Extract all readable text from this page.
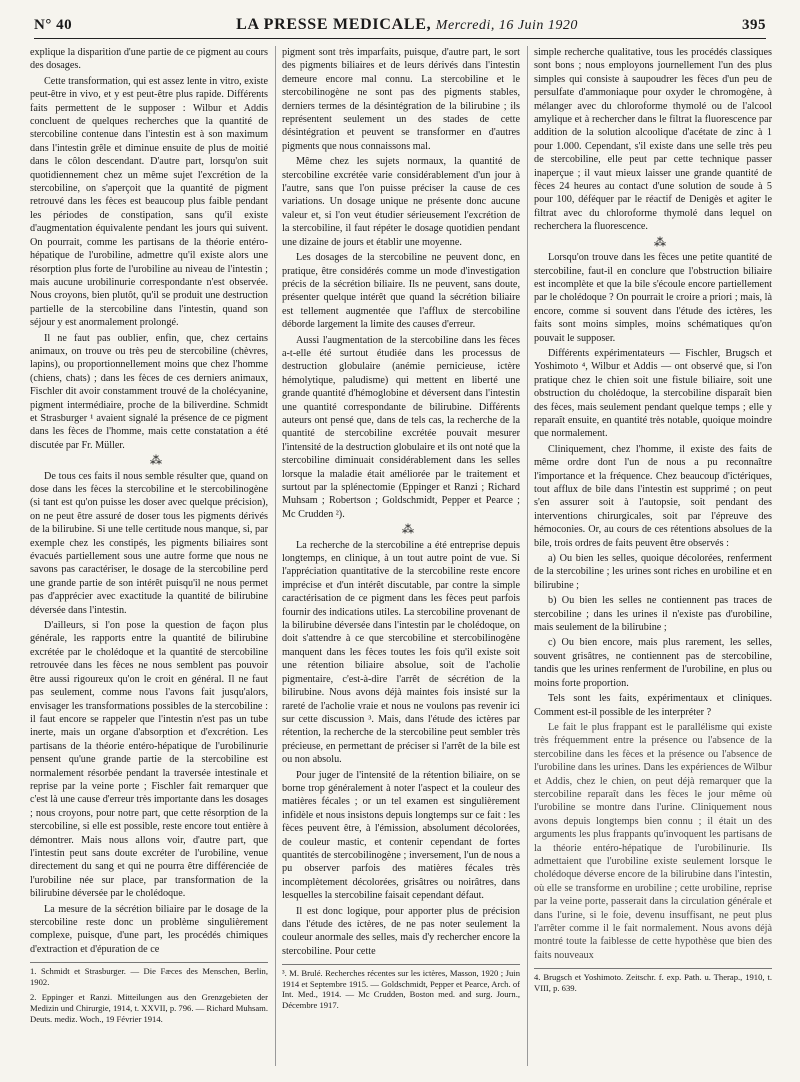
N° 40	LA PRESSE MEDICALE, Mercredi, 16 Juin 1920	395

explique la disparition d'une partie de ce pigment au cours des dosages.

Cette transformation, qui est assez lente in vitro, existe peut-être in vivo, et y est peut-être plus rapide. Différents faits permettent de le supposer : Wilbur et Addis concluent de quelques recherches que la quantité de stercobiline contenue dans l'intestin est à son maximum dans l'intestin grêle et diminue ensuite de plus de moitié dans le côlon descendant. D'autre part, lorsqu'on suit quotidiennement chez un même sujet l'excrétion de la stercobiline, on s'aperçoit que la quantité de pigment retrouvé dans les fèces est beaucoup plus faible pendant les périodes de constipation, sans qu'il existe d'augmentation équivalente pendant les jours qui suivent. On pourrait, comme les partisans de la théorie entéro-hépatique de l'urobiline, admettre qu'il existe alors une résorption plus forte de l'urobiline au niveau de l'intestin ; mais aucune urobilinurie correspondante n'est observée. Nous croyons, bien plutôt, qu'il se produit une destruction partielle de la stercobiline dans l'intestin, quand son séjour y est anormalement prolongé.

Il ne faut pas oublier, enfin, que, chez certains animaux, on trouve ou très peu de stercobiline (chèvres, lapins), ou proportionnellement moins que chez l'homme (chiens, chats) ; dans les fèces de ces derniers animaux, Fischler dit avoir constamment trouvé de la cholécyanine, pigment intermédiaire, proche de la biliverdine. Schmidt et Strasburger ¹ avaient signalé la présence de ce pigment dans les fèces de l'homme, mais cette constatation a été discutée par Fr. Müller.

⁂

De tous ces faits il nous semble résulter que, quand on dose dans les fèces la stercobiline et le stercobilinogène (si tant est qu'on puisse les doser avec quelque précision), on ne peut être assuré de doser tous les pigments dérivés de la bilirubine. Si une telle certitude nous manque, si, par exemple chez les constipés, les pigments biliaires sont évacués partiellement sous une autre forme que nous ne savons pas caractériser, le dosage de la stercobiline perd une grande partie de son intérêt puisqu'il ne nous permet pas d'apprécier avec exactitude la quantité de bilirubine déversée dans l'intestin.

D'ailleurs, si l'on pose la question de façon plus générale, les rapports entre la quantité de bilirubine excrétée par le cholédoque et la quantité de stercobiline retrouvée dans les fèces ne nous semblent pas pouvoir être aussi rigoureux qu'on le croit en général. Il ne faut pas seulement, comme nous l'avons fait jusqu'alors, envisager les transformations possibles de la stercobiline : il faut encore se rappeler que l'intestin n'est pas un tube inerte, mais un organe d'absorption et d'excrétion. Les partisans de la théorie entéro-hépatique de l'urobilinurie pensent qu'une grande partie de la stercobiline est normalement résorbée pendant la traversée intestinale et reprise par la veine porte ; Fischler fait remarquer que c'est là une cause d'erreur très importante dans les dosages ; nous croyons, pour notre part, que cette résorption de la stercobiline, si elle est possible, reste encore tout entière à démontrer. Mais nous allons voir, d'autre part, que l'intestin peut sans doute excréter de l'urobiline, venue directement du sang et qui ne pourra être différenciée de l'urobiline née sur place, par transformation de la bilirubine déversée par le cholédoque.

La mesure de la sécrétion biliaire par le dosage de la stercobiline reste donc un problème singulièrement complexe, puisque, d'une part, les procédés chimiques d'extraction et d'épuration de ce

1. Schmidt et Strasburger. — Die Fæces des Menschen, Berlin, 1902.

2. Eppinger et Ranzi. Mitteilungen aus den Grenzgebieten der Medizin und Chirurgie, 1914, t. XXVII, p. 796. — Richard Muhsam. Deuts. mediz. Woch., 19 Février 1914.

pigment sont très imparfaits, puisque, d'autre part, le sort des pigments biliaires et de leurs dérivés dans l'intestin demeure encore mal connu. La stercobiline et le stercobilinogène ne sont pas des pigments stables, derniers termes de la désintégration de la bilirubine ; ils représentent seulement un des stades de cette désintégration et peuvent se transformer en d'autres pigments que nous connaissons mal.

Même chez les sujets normaux, la quantité de stercobiline excrétée varie considérablement d'un jour à l'autre, sans que l'on puisse préciser la cause de ces variations. Un dosage unique ne présente donc aucune valeur et, si l'on veut étudier sérieusement l'excrétion de la stercobiline, il faut répéter le dosage quotidien pendant une dizaine de jours et établir une moyenne.

Les dosages de la stercobiline ne peuvent donc, en pratique, être considérés comme un mode d'investigation précis de la sécrétion biliaire. Ils ne peuvent, sans doute, présenter quelque intérêt que quand la sécrétion biliaire est tellement augmentée que l'afflux de stercobiline déborde largement la limite des causes d'erreur.

Aussi l'augmentation de la stercobiline dans les fèces a-t-elle été surtout étudiée dans les processus de destruction globulaire (anémie pernicieuse, ictère hémolytique, paludisme) qui mettent en liberté une grande quantité d'hémoglobine et déversent dans l'intestin une quantité correspondante de bilirubine. Différents auteurs ont pensé que, dans de tels cas, la recherche de la quantité de stercobiline excrétée pouvait mesurer l'intensité de la destruction globulaire et ils ont noté que la stercobiline diminuait considérablement dans les selles lorsque la maladie était améliorée par le traitement et surtout par la splénectomie (Eppinger et Ranzi ; Richard Muhsam ; Robertson ; Goldschmidt, Pepper et Pearce ; Mc Crudden ²).

⁂

La recherche de la stercobiline a été entreprise depuis longtemps, en clinique, à un tout autre point de vue. Si l'appréciation quantitative de la stercobiline reste encore imprécise et d'un intérêt discutable, par contre la simple caractérisation de ce pigment dans les fèces peut parfois fournir des indications utiles. La stercobiline provenant de la bilirubine déversée dans l'intestin par le cholédoque, on doit s'attendre à ce que stercobiline et stercobilinogène manquent dans les fèces toutes les fois qu'il existe soit une rétention biliaire absolue, soit de l'acholie pigmentaire, c'est-à-dire l'arrêt de sécrétion de la bilirubine. Nous avons déjà maintes fois insisté sur la rareté de l'acholie vraie et nous ne voulons pas revenir ici sur cette discussion ³. Mais, dans l'étude des ictères par rétention, la recherche de la stercobiline peut sembler très précieuse, en permettant de préciser si l'arrêt de la bile est ou non absolu.

Pour juger de l'intensité de la rétention biliaire, on se borne trop généralement à noter l'aspect et la couleur des matières fécales ; or un tel examen est singulièrement infidèle et nous insistons depuis longtemps sur ce fait : les fèces peuvent être, à l'émission, absolument décolorées, de couleur mastic, et contenir cependant de fortes quantités de stercobilinogène ; inversement, l'un de nous a pu observer parfois des matières fécales très incomplètement décolorées, grisâtres ou noirâtres, dans lesquelles la stercobiline faisait cependant défaut.

Il est donc logique, pour apporter plus de précision dans l'étude des ictères, de ne pas noter seulement la couleur anormale des selles, mais d'y rechercher encore la stercobiline. Pour cette

³. M. Brulé. Recherches récentes sur les ictères, Masson, 1920 ; Juin 1914 et Septembre 1915. — Goldschmidt, Pepper et Pearce, Arch. of Int. Med., 1914. — Mc Crudden, Boston med. and surg. Journ., Décembre 1917.

simple recherche qualitative, tous les procédés classiques sont bons ; nous employons journellement l'un des plus simples qui consiste à saupoudrer les fèces d'un peu de persulfate d'ammoniaque pour oxyder le chromogène, à mélanger avec du chloroforme thymolé ou de l'alcool amylique et à rechercher dans le filtrat la fluorescence par addition de la solution alcoolique d'acétate de zinc à 1 pour 1.000. Cependant, s'il existe dans une selle très peu de stercobiline, elle peut par cette technique passer inaperçue ; il vaut mieux laisser une grande quantité de fèces 24 heures au contact d'une solution de soude à 5 pour 100, déféquer par le réactif de Denigès et agiter le filtrat avec du chloroforme thymolé dans lequel on recherchera la fluorescence.

⁂

Lorsqu'on trouve dans les fèces une petite quantité de stercobiline, faut-il en conclure que l'obstruction biliaire est incomplète et que la bile s'écoule encore partiellement par le cholédoque ? On pourrait le croire a priori ; mais, là encore, comme si souvent dans l'étude des ictères, les faits sont moins simples, moins schématiques qu'on pouvait le supposer.

Différents expérimentateurs — Fischler, Brugsch et Yoshimoto ⁴, Wilbur et Addis — ont observé que, si l'on pratique chez le chien soit une fistule biliaire, soit une obstruction du cholédoque, la stercobiline disparaît bien des fèces, mais seulement pendant quelque temps ; elle y reparaît ensuite, en quantité très notable, quoique moindre que normalement.

Cliniquement, chez l'homme, il existe des faits de même ordre dont l'un de nous a pu reconnaître l'importance et la fréquence. Chez beaucoup d'ictériques, tout afflux de bile dans l'intestin est supprimé ; on peut s'en assurer soit à l'autopsie, soit pendant des interventions chirurgicales, soit par l'épreuve des hémoconies. Or, au cours de ces rétentions absolues de la bile, trois ordres de faits peuvent être observés :

a) Ou bien les selles, quoique décolorées, renferment de la stercobiline ; les urines sont riches en urobiline et en bilirubine ;

b) Ou bien les selles ne contiennent pas traces de stercobiline ; dans les urines il n'existe pas d'urobiline, mais seulement de la bilirubine ;

c) Ou bien encore, mais plus rarement, les selles, souvent grisâtres, ne contiennent pas de stercobiline, tandis que les urines renferment de l'urobiline, en plus ou moins forte proportion.

Tels sont les faits, expérimentaux et cliniques. Comment est-il possible de les interpréter ?

Le fait le plus frappant est le parallélisme qui existe très fréquemment entre la présence ou l'absence de la stercobiline dans les fèces et la présence ou l'absence de l'urobiline dans les urines. Dans les expériences de Wilbur et Addis, chez le chien, on peut déjà remarquer que la stercobiline reparaît dans les fèces le jour même où l'urobiline se montre dans l'urine. Cliniquement nous avons depuis longtemps bien connu ; il était un des arguments les plus frappants qu'invoquent les partisans de la théorie entéro-hépatique de l'urobilinurie. Ils admettaient que l'urobiline existe seulement lorsque le cholédoque déverse encore de la bilirubine dans l'intestin, où elle se transforme en urobiline ; cette urobiline, reprise par la veine porte, passerait dans la circulation générale et dans l'urine, si le foie, devenu insuffisant, ne peut plus l'arrêter comme il le fait normalement. Nous avons déjà montré toute la faiblesse de cette hypothèse que bien des faits nouveaux

4. Brugsch et Yoshimoto. Zeitschr. f. exp. Path. u. Therap., 1910, t. VIII, p. 639.
